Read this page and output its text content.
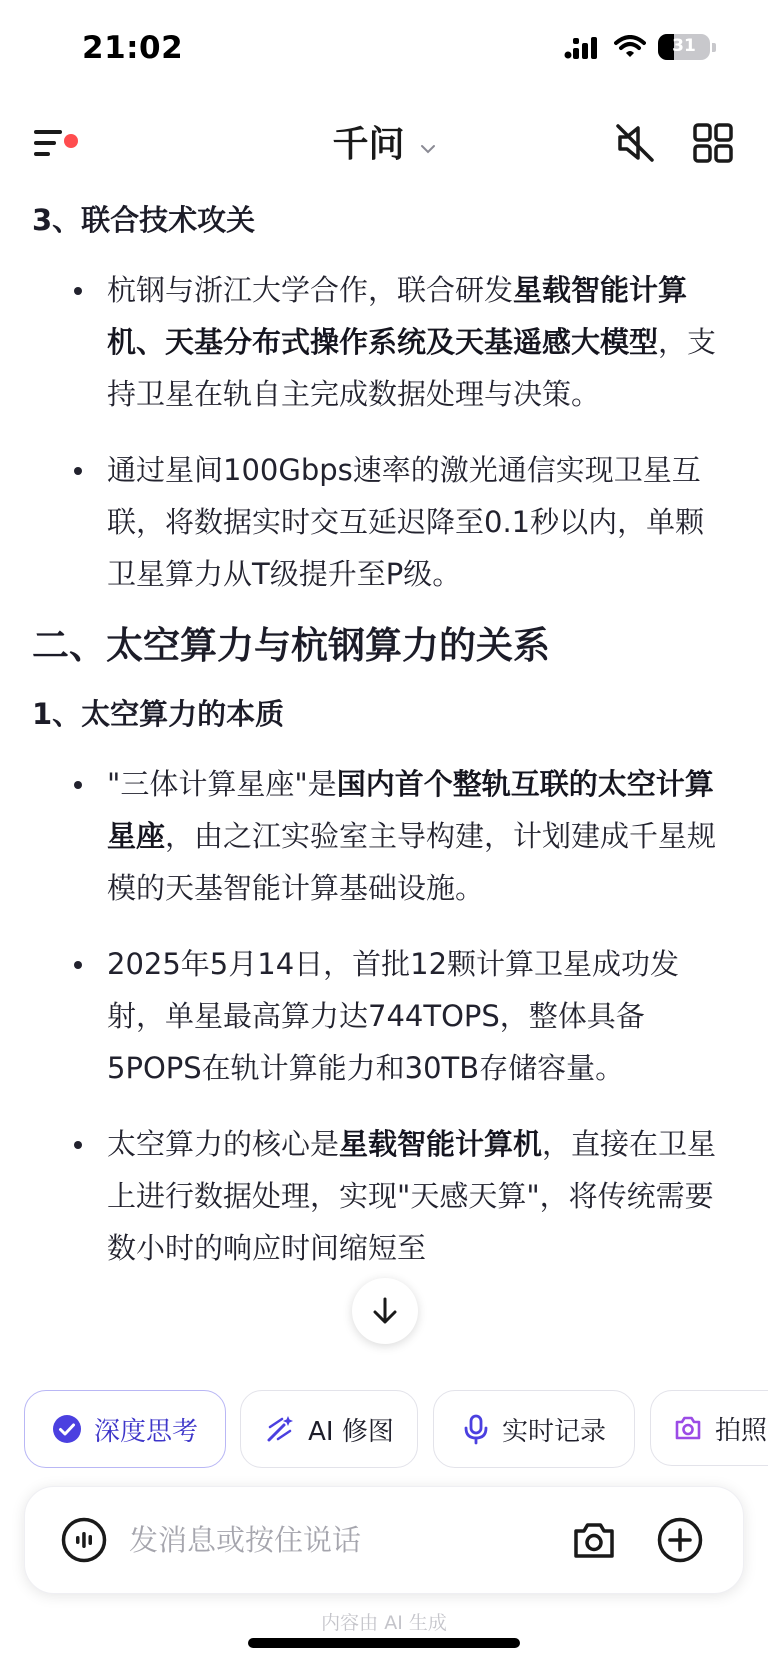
21:02	31
千问
3、联合技术攻关
杭钢与浙江大学合作，联合研发星载智能计算机、天基分布式操作系统及天基遥感大模型，支持卫星在轨自主完成数据处理与决策。
通过星间100Gbps速率的激光通信实现卫星互联，将数据实时交互延迟降至0.1秒以内，单颗卫星算力从T级提升至P级。
二、太空算力与杭钢算力的关系
1、太空算力的本质
"三体计算星座"是国内首个整轨互联的太空计算星座，由之江实验室主导构建，计划建成千星规模的天基智能计算基础设施。
2025年5月14日，首批12颗计算卫星成功发射，单星最高算力达744TOPS，整体具备5POPS在轨计算能力和30TB存储容量。
太空算力的核心是星载智能计算机，直接在卫星上进行数据处理，实现"天感天算"，将传统需要数小时的响应时间缩短至
深度思考	AI 修图	实时记录	拍照
发消息或按住说话
内容由 AI 生成
